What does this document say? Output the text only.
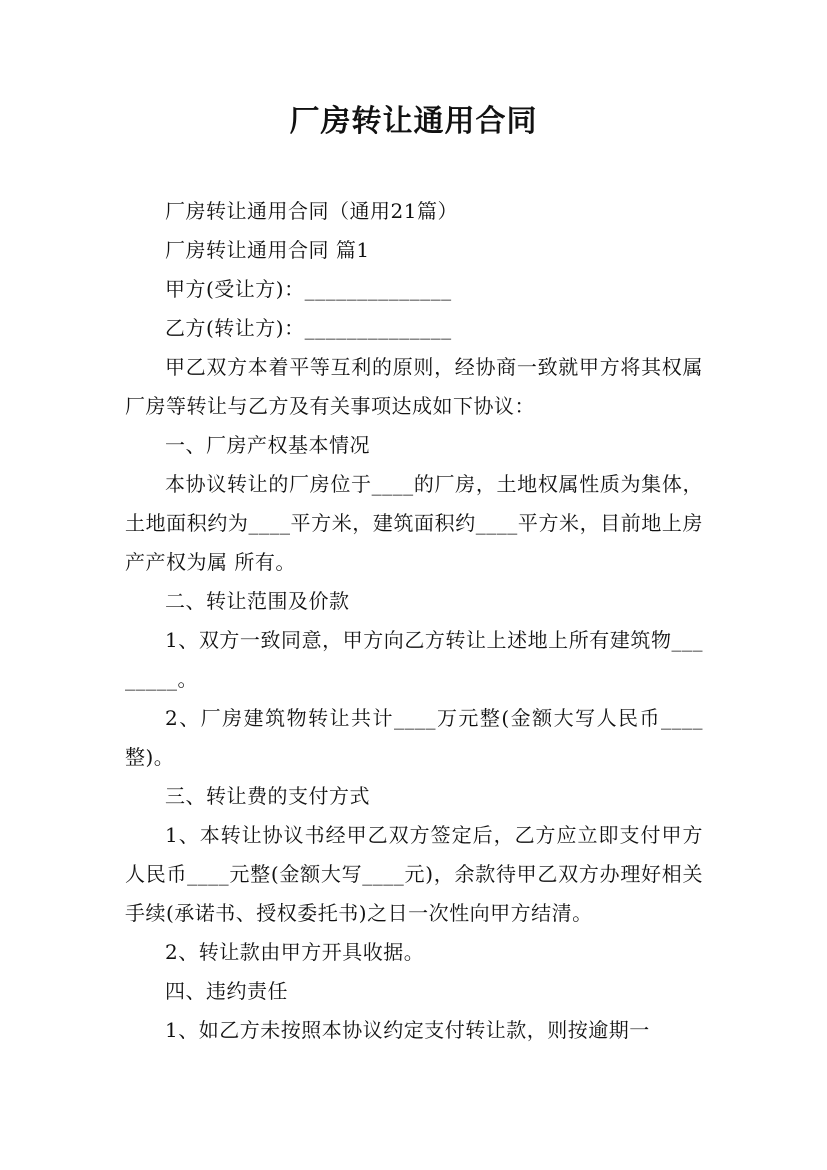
厂房转让通用合同

厂房转让通用合同（通用21篇）

厂房转让通用合同 篇1

甲方(受让方)：______________

乙方(转让方)：______________

甲乙双方本着平等互利的原则，经协商一致就甲方将其权属厂房等转让与乙方及有关事项达成如下协议：

一、厂房产权基本情况

本协议转让的厂房位于____的厂房，土地权属性质为集体，土地面积约为____平方米，建筑面积约____平方米，目前地上房产产权为属 所有。

二、转让范围及价款

1、双方一致同意，甲方向乙方转让上述地上所有建筑物________。

2、厂房建筑物转让共计____万元整(金额大写人民币____整)。

三、转让费的支付方式

1、本转让协议书经甲乙双方签定后，乙方应立即支付甲方人民币____元整(金额大写____元)，余款待甲乙双方办理好相关手续(承诺书、授权委托书)之日一次性向甲方结清。

2、转让款由甲方开具收据。

四、违约责任

1、如乙方未按照本协议约定支付转让款，则按逾期一
